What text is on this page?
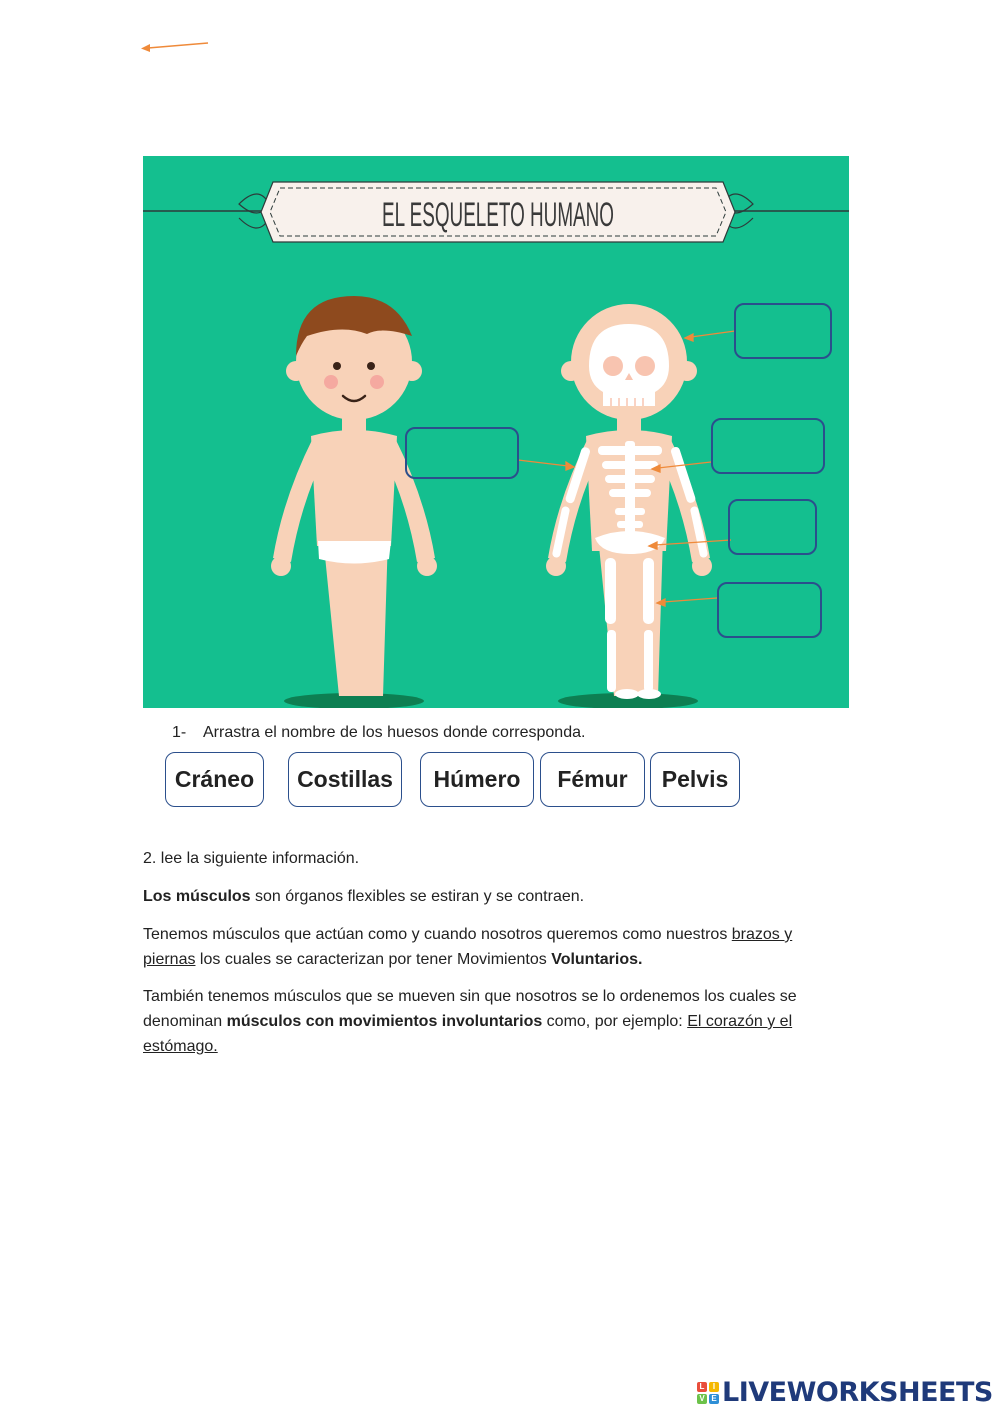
EL ESQUELETO HUMANO
1- Arrastra el nombre de los huesos donde corresponda.
Cráneo	Costillas	Húmero	Fémur	Pelvis
2. lee la siguiente información.
Los músculos son órganos flexibles se estiran y se contraen.
Tenemos músculos que actúan como y cuando nosotros queremos como nuestros brazos y piernas los cuales se caracterizan por tener Movimientos Voluntarios.
También tenemos músculos que se mueven sin que nosotros se lo ordenemos los cuales se denominan músculos con movimientos involuntarios como, por ejemplo: El corazón y el estómago.
L	I
V E LIVEWORKSHEETS
